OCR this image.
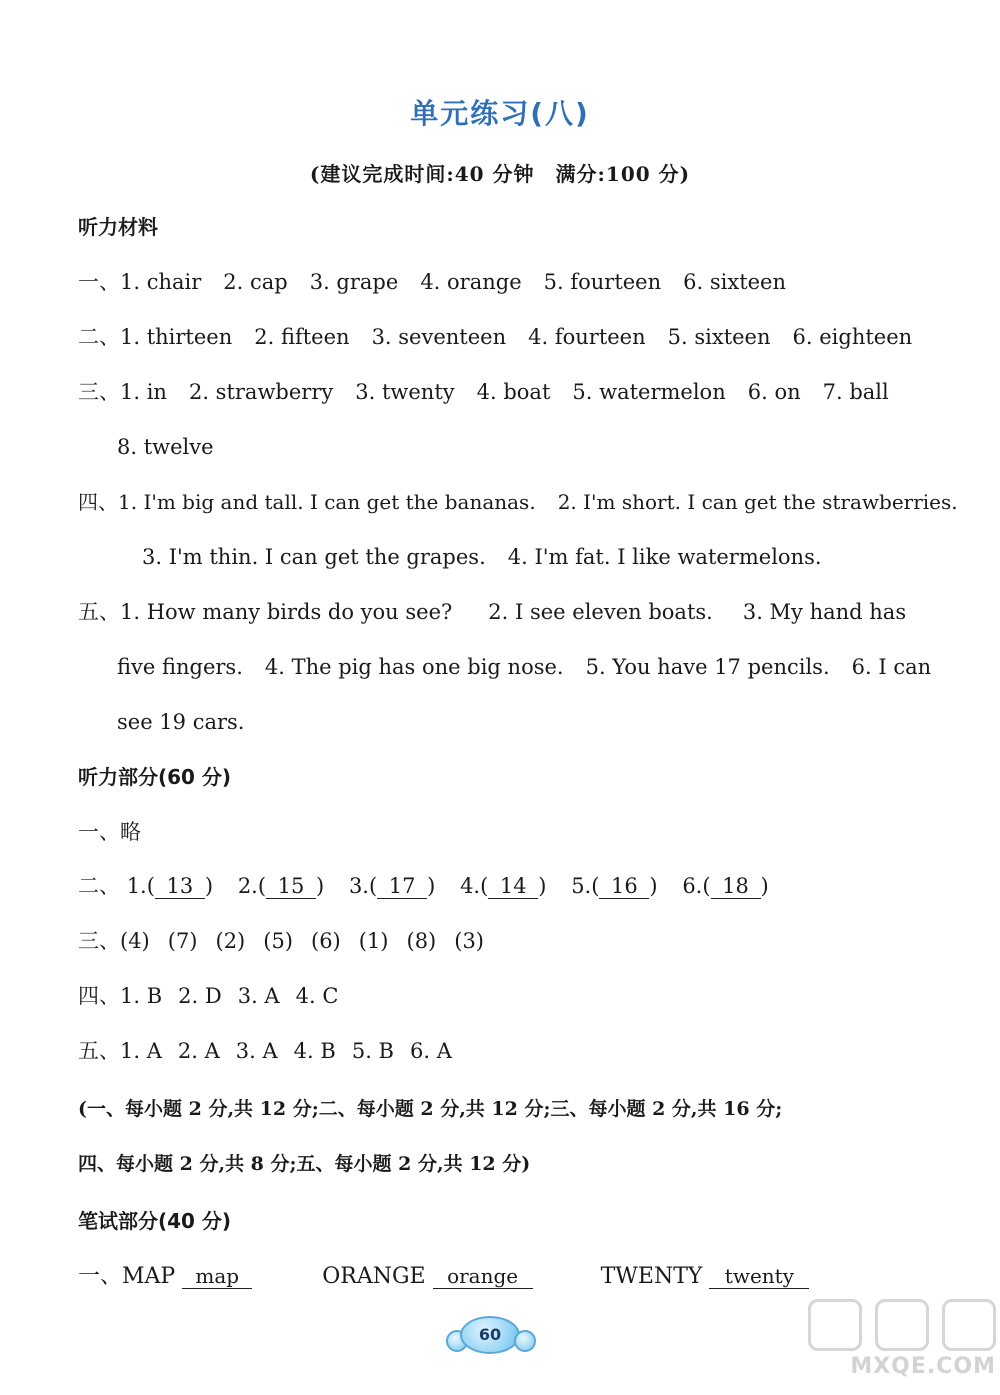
单元练习(八)
(建议完成时间:40 分钟　满分:100 分)
听力材料
一、1. chair 2. cap 3. grape 4. orange 5. fourteen 6. sixteen
二、1. thirteen 2. fifteen 3. seventeen 4. fourteen 5. sixteen 6. eighteen
三、1. in 2. strawberry 3. twenty 4. boat 5. watermelon 6. on 7. ball
8. twelve
四、1. I'm big and tall. I can get the bananas. 2. I'm short. I can get the strawberries.
3. I'm thin. I can get the grapes. 4. I'm fat. I like watermelons.
五、1. How many birds do you see? 2. I see eleven boats. 3. My hand has
five fingers. 4. The pig has one big nose. 5. You have 17 pencils. 6. I can
see 19 cars.
听力部分(60 分)
一、略
二、 1.( 13 ) 2.( 15 ) 3.( 17 ) 4.( 14 ) 5.( 16 ) 6.( 18 )
三、(4) (7) (2) (5) (6) (1) (8) (3)
四、1. B 2. D 3. A 4. C
五、1. A 2. A 3. A 4. B 5. B 6. A
(一、每小题 2 分,共 12 分;二、每小题 2 分,共 12 分;三、每小题 2 分,共 16 分;
四、每小题 2 分,共 8 分;五、每小题 2 分,共 12 分)
笔试部分(40 分)
一、MAP map	ORANGE orange	TWENTY twenty
60
MXQE.COM
